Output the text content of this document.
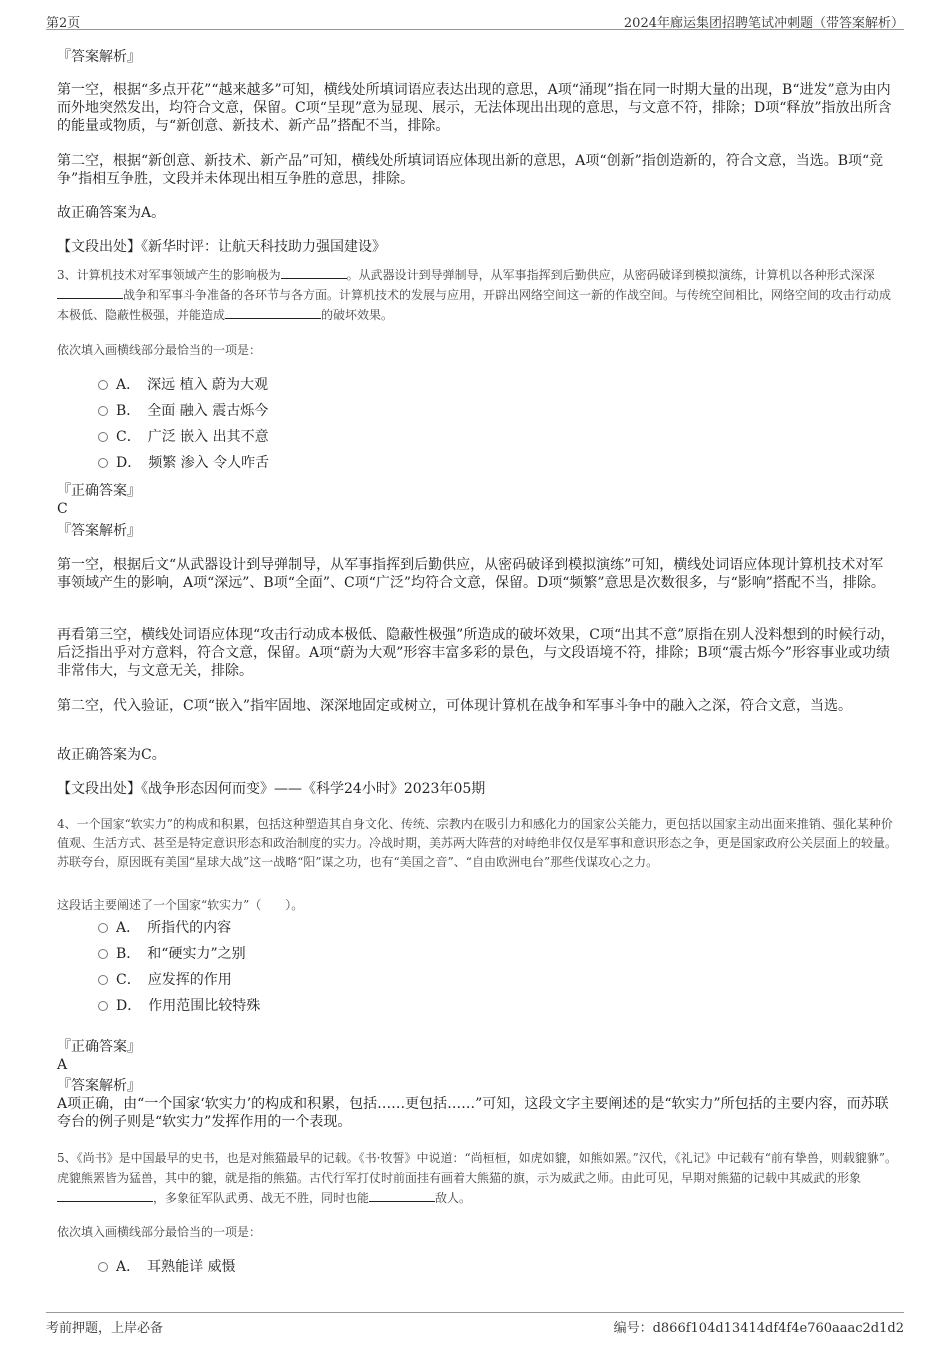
第2页	2024年廊运集团招聘笔试冲刺题（带答案解析）
『答案解析』
第一空，根据“多点开花”“越来越多”可知，横线处所填词语应表达出现的意思，A项“涌现”指在同一时期大量的出现，B“进发”意为由内而外地突然发出，均符合文意，保留。C项“呈现”意为显现、展示，无法体现出出现的意思，与文意不符，排除；D项“释放”指放出所含的能量或物质，与“新创意、新技术、新产品”搭配不当，排除。
第二空，根据“新创意、新技术、新产品”可知，横线处所填词语应体现出新的意思，A项“创新”指创造新的，符合文意，当选。B项“竞争”指相互争胜，文段并未体现出相互争胜的意思，排除。
故正确答案为A。
【文段出处】《新华时评：让航天科技助力强国建设》
3、计算机技术对军事领域产生的影响极为	。从武器设计到导弹制导，从军事指挥到后勤供应，从密码破译到模拟演练，计算机以各种形式深深战争和军事斗争准备的各环节与各方面。计算机技术的发展与应用，开辟出网络空间这一新的作战空间。与传统空间相比，网络空间的攻击行动成本极低、隐蔽性极强，并能造成	的破坏效果。
依次填入画横线部分最恰当的一项是：
A．　 深远 植入 蔚为大观
B．　 全面 融入 震古烁今
C．　 广泛 嵌入 出其不意
D．　 频繁 渗入 令人咋舌
『正确答案』
C
『答案解析』
第一空，根据后文“从武器设计到导弹制导，从军事指挥到后勤供应，从密码破译到模拟演练”可知，横线处词语应体现计算机技术对军事领域产生的影响，A项“深远”、B项“全面”、C项“广泛”均符合文意，保留。D项“频繁”意思是次数很多，与“影响”搭配不当，排除。
再看第三空，横线处词语应体现“攻击行动成本极低、隐蔽性极强”所造成的破坏效果，C项“出其不意”原指在别人没料想到的时候行动，后泛指出乎对方意料，符合文意，保留。A项“蔚为大观”形容丰富多彩的景色，与文段语境不符，排除；B项“震古烁今”形容事业或功绩非常伟大，与文意无关，排除。
第二空，代入验证，C项“嵌入”指牢固地、深深地固定或树立，可体现计算机在战争和军事斗争中的融入之深，符合文意，当选。
故正确答案为C。
【文段出处】《战争形态因何而变》——《科学24小时》2023年05期
4、一个国家“软实力”的构成和积累，包括这种塑造其自身文化、传统、宗教内在吸引力和感化力的国家公关能力，更包括以国家主动出面来推销、强化某种价值观、生活方式、甚至是特定意识形态和政治制度的实力。冷战时期，美苏两大阵营的对峙绝非仅仅是军事和意识形态之争，更是国家政府公关层面上的较量。苏联夸台，原因既有美国“星球大战”这一战略“阳”谋之功，也有“美国之音”、“自由欧洲电台”那些伐谋攻心之力。
这段话主要阐述了一个国家“软实力”（　　）。
A．　 所指代的内容
B．　 和“硬实力”之别
C．　 应发挥的作用
D．　 作用范围比较特殊
『正确答案』
A
『答案解析』
A项正确，由“一个国家‘软实力’的构成和积累，包括……更包括……”可知，这段文字主要阐述的是“软实力”所包括的主要内容，而苏联夸台的例子则是“软实力”发挥作用的一个表现。
5、《尚书》是中国最早的史书，也是对熊猫最早的记载。《书·牧誓》中说道：“尚桓桓，如虎如貔，如熊如罴。”汉代，《礼记》中记载有“前有挚兽，则载貔貅”。虎貔熊罴皆为猛兽，其中的貔，就是指的熊猫。古代行军打仗时前面挂有画着大熊猫的旗，示为威武之师。由此可见，早期对熊猫的记载中其威武的形象，多象征军队武勇、战无不胜，同时也能	敌人。
依次填入画横线部分最恰当的一项是：
A．　 耳熟能详 威慑
考前押题，上岸必备	编号：d866f104d13414df4f4e760aaac2d1d2
